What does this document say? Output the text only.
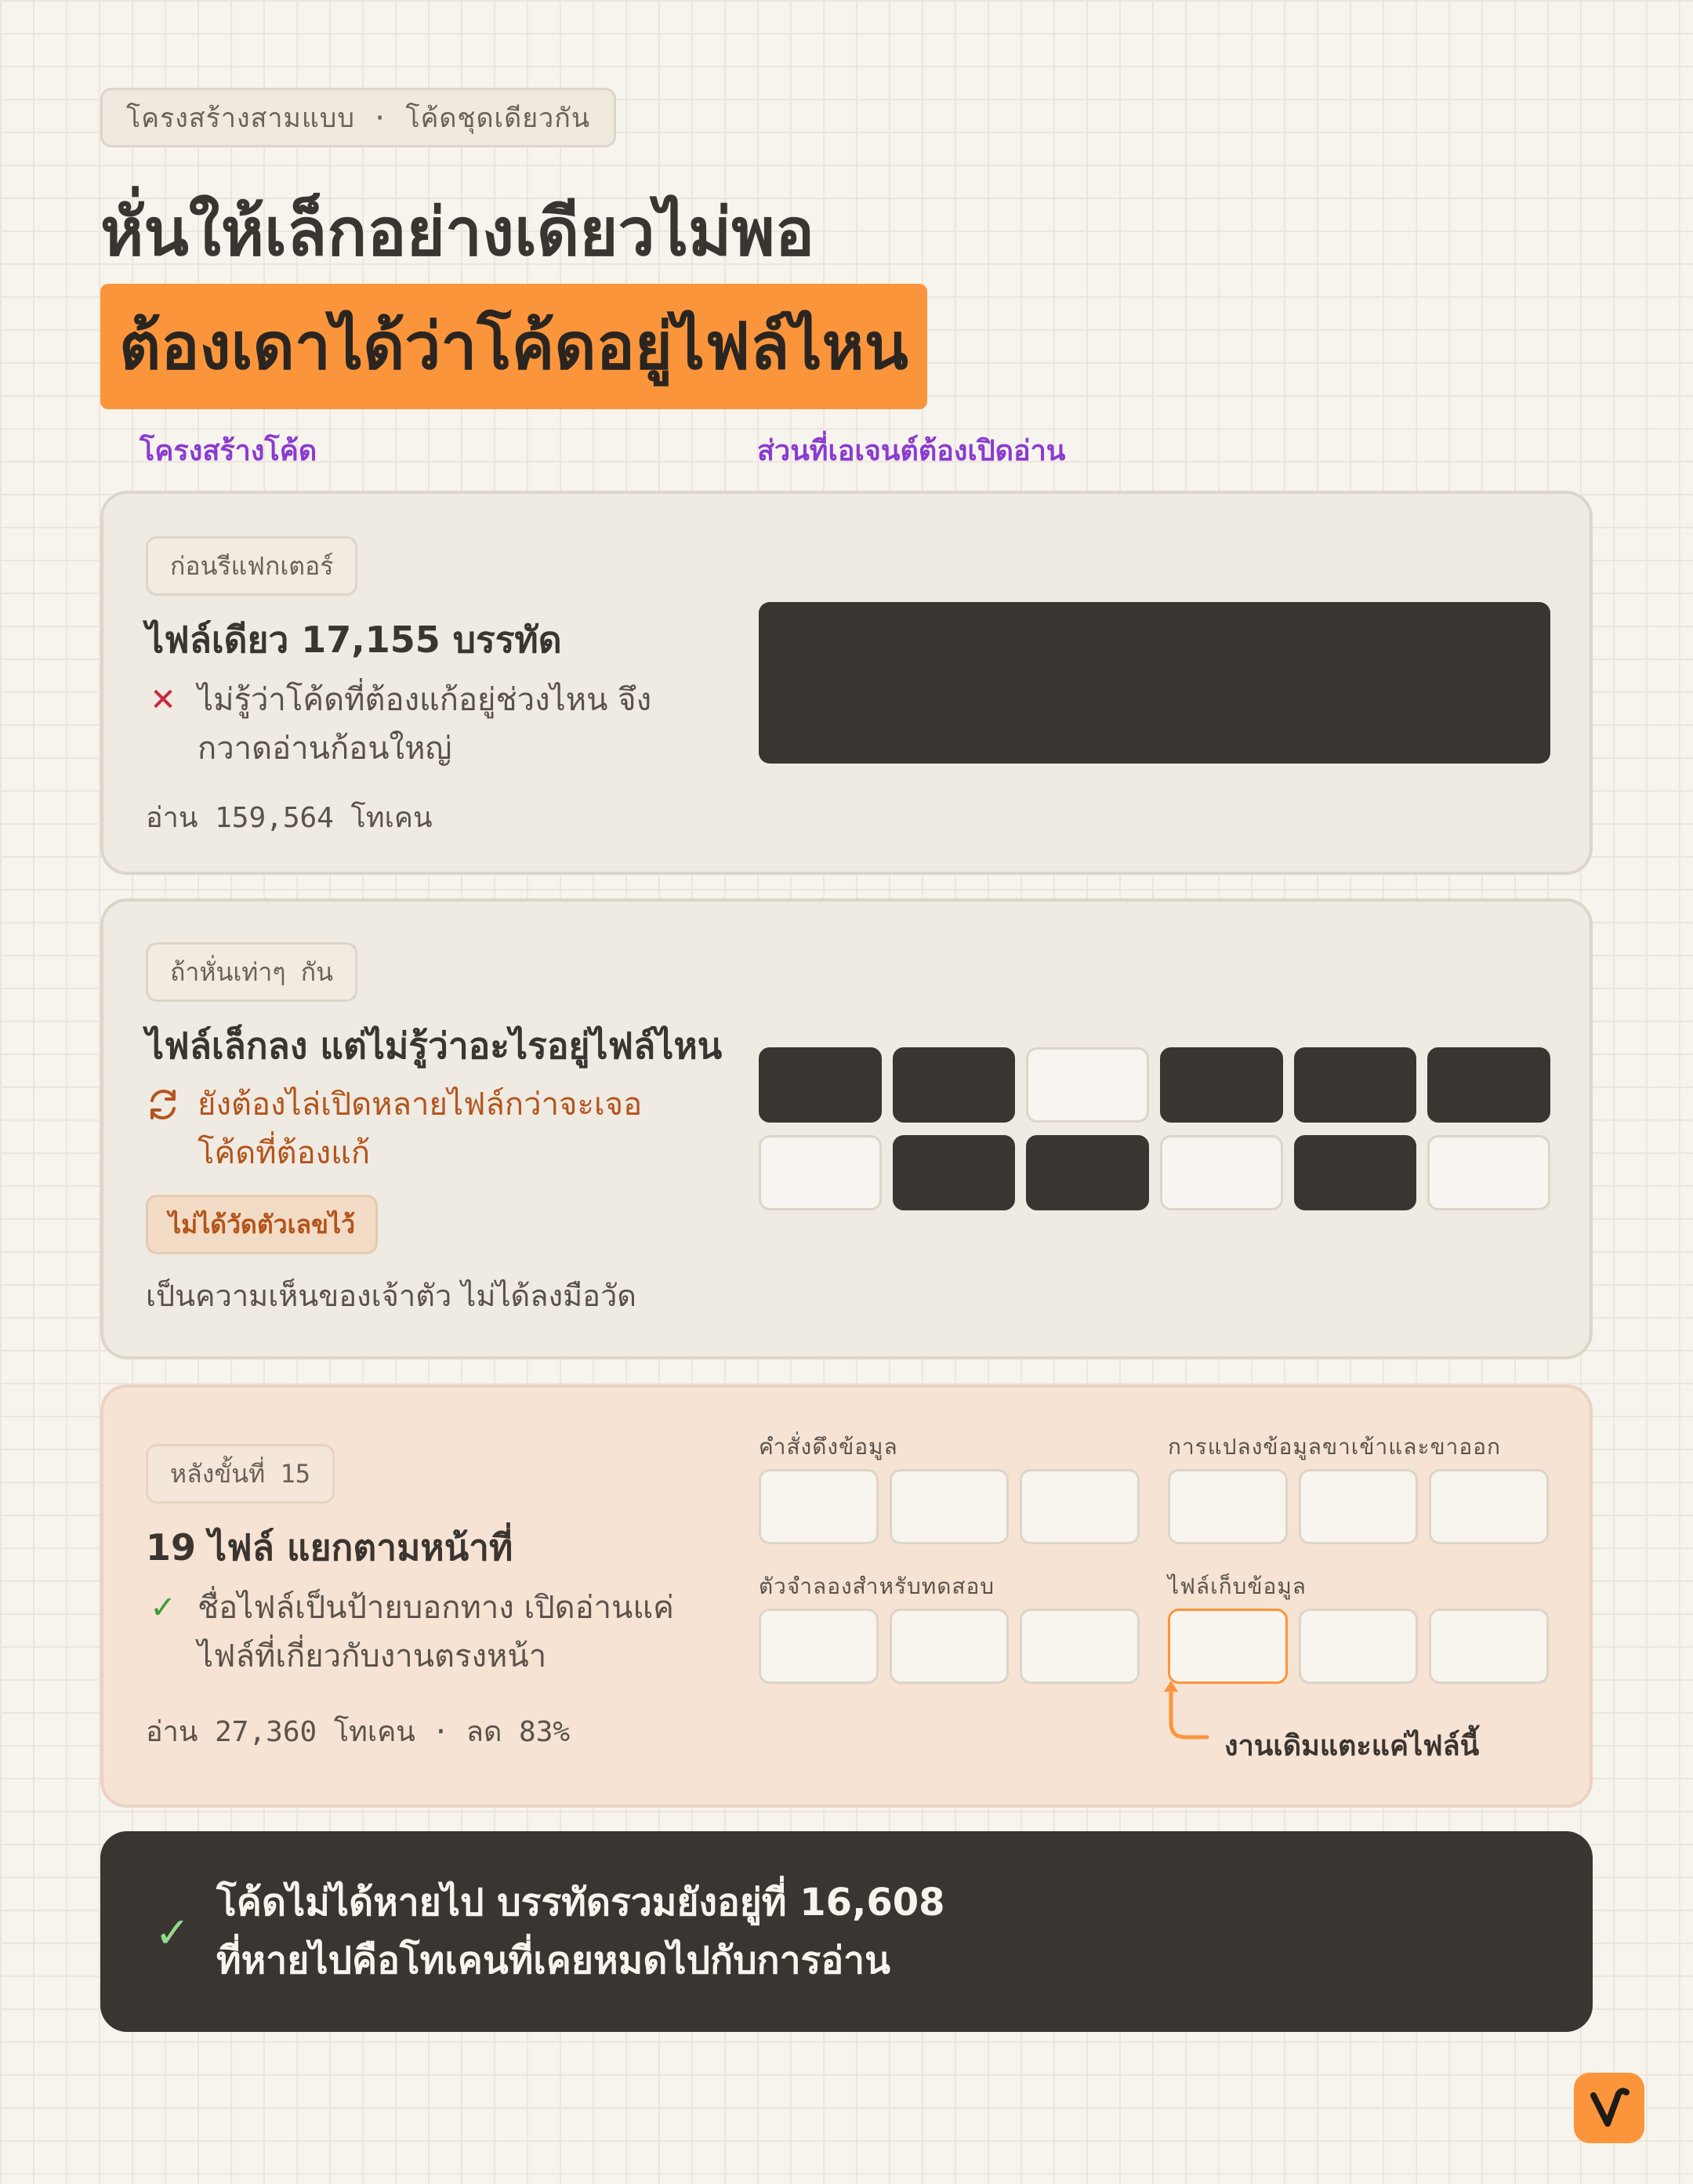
โครงสร้างสามแบบ · โค้ดชุดเดียวกัน
หั่นให้เล็กอย่างเดียวไม่พอ
ต้องเดาได้ว่าโค้ดอยู่ไฟล์ไหน
โครงสร้างโค้ด	ส่วนที่เอเจนต์ต้องเปิดอ่าน
ก่อนรีแฟกเตอร์
ไฟล์เดียว 17,155 บรรทัด
✕ ไม่รู้ว่าโค้ดที่ต้องแก้อยู่ช่วงไหน จึง
กวาดอ่านก้อนใหญ่
อ่าน 159,564 โทเคน
ถ้าหั่นเท่าๆ กัน
ไฟล์เล็กลง แต่ไม่รู้ว่าอะไรอยู่ไฟล์ไหน
ยังต้องไล่เปิดหลายไฟล์กว่าจะเจอ
โค้ดที่ต้องแก้
ไม่ได้วัดตัวเลขไว้
เป็นความเห็นของเจ้าตัว ไม่ได้ลงมือวัด
หลังขั้นที่ 15
19 ไฟล์ แยกตามหน้าที่
✓ ชื่อไฟล์เป็นป้ายบอกทาง เปิดอ่านแค่
ไฟล์ที่เกี่ยวกับงานตรงหน้า
อ่าน 27,360 โทเคน · ลด 83%
คำสั่งดึงข้อมูล	การแปลงข้อมูลขาเข้าและขาออก
ตัวจำลองสำหรับทดสอบ	ไฟล์เก็บข้อมูล
งานเดิมแตะแค่ไฟล์นี้
✓
โค้ดไม่ได้หายไป บรรทัดรวมยังอยู่ที่ 16,608
ที่หายไปคือโทเคนที่เคยหมดไปกับการอ่าน
